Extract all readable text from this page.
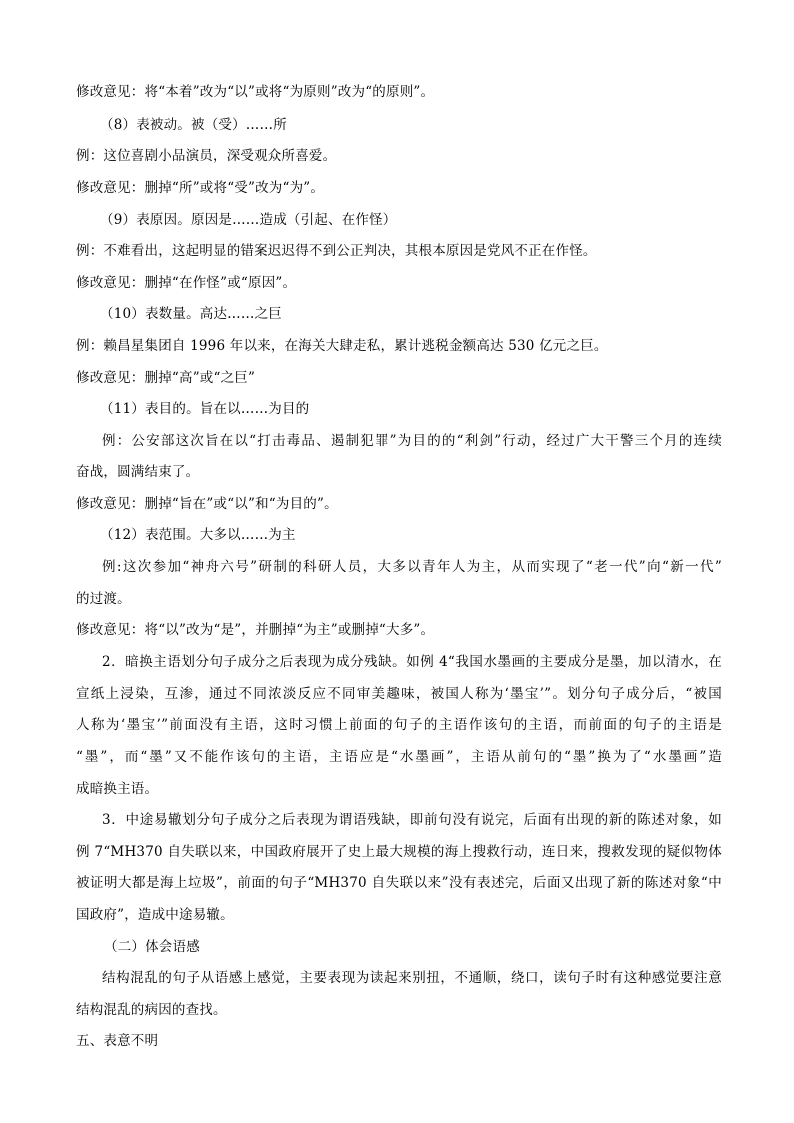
修改意见：将“本着”改为“以”或将“为原则”改为“的原则”。
（8）表被动。被（受）……所
例：这位喜剧小品演员，深受观众所喜爱。
修改意见：删掉“所”或将“受”改为“为”。
（9）表原因。原因是……造成（引起、在作怪）
例：不难看出，这起明显的错案迟迟得不到公正判决，其根本原因是党风不正在作怪。
修改意见：删掉“在作怪”或“原因”。
（10）表数量。高达……之巨
例：赖昌星集团自 1996 年以来，在海关大肆走私，累计逃税金额高达 530 亿元之巨。
修改意见：删掉“高”或“之巨”
（11）表目的。旨在以……为目的
例：公安部这次旨在以“打击毒品、遏制犯罪”为目的的“利剑”行动，经过广大干警三个月的连续
奋战，圆满结束了。
修改意见：删掉“旨在”或“以”和“为目的”。
（12）表范围。大多以……为主
例:这次参加“神舟六号”研制的科研人员，大多以青年人为主，从而实现了“老一代”向“新一代”
的过渡。
修改意见：将“以”改为“是”，并删掉“为主”或删掉“大多”。
2．暗换主语划分句子成分之后表现为成分残缺。如例 4“我国水墨画的主要成分是墨，加以清水，在
宣纸上浸染，互渗，通过不同浓淡反应不同审美趣味，被国人称为‘墨宝’”。划分句子成分后，“被国
人称为‘墨宝’”前面没有主语，这时习惯上前面的句子的主语作该句的主语，而前面的句子的主语是
“墨”，而“墨”又不能作该句的主语，主语应是“水墨画”，主语从前句的“墨”换为了“水墨画”造
成暗换主语。
3．中途易辙划分句子成分之后表现为谓语残缺，即前句没有说完，后面有出现的新的陈述对象，如
例 7“MH370 自失联以来，中国政府展开了史上最大规模的海上搜救行动，连日来，搜救发现的疑似物体
被证明大都是海上垃圾”，前面的句子“MH370 自失联以来”没有表述完，后面又出现了新的陈述对象“中
国政府”，造成中途易辙。
（二）体会语感
结构混乱的句子从语感上感觉，主要表现为读起来别扭，不通顺，绕口，读句子时有这种感觉要注意
结构混乱的病因的查找。
五、表意不明
